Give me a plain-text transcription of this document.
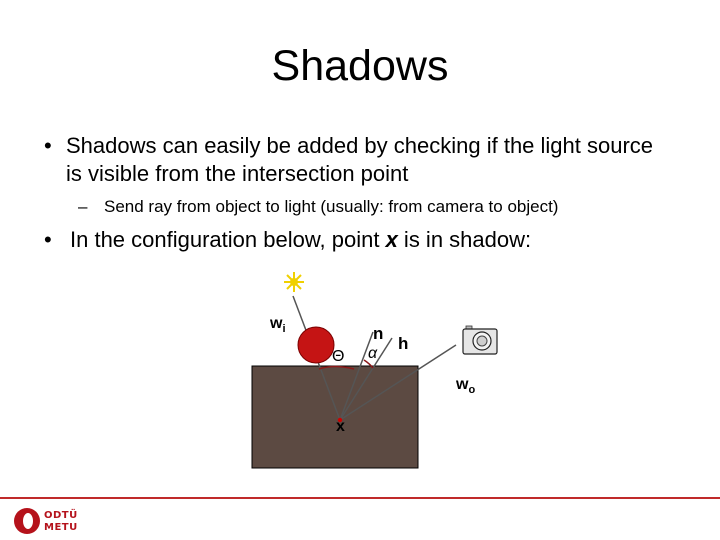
Shadows
• Shadows can easily be added by checking if the light source is visible from the intersection point
– Send ray from object to light (usually: from camera to object)
• In the configuration below, point x is in shadow:
$w_i$	n
h
Θ α
$w_o$
x
ODTÜ
METU
